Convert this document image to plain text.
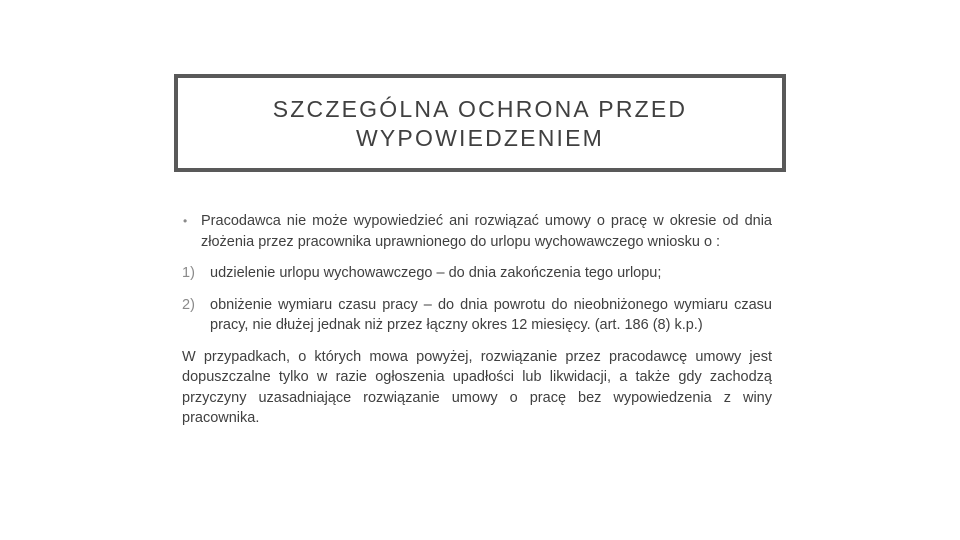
SZCZEGÓLNA OCHRONA PRZED
WYPOWIEDZENIEM

• Pracodawca nie może wypowiedzieć ani rozwiązać umowy o pracę w okresie od dnia złożenia przez pracownika uprawnionego do urlopu wychowawczego wniosku o :

1) udzielenie urlopu wychowawczego – do dnia zakończenia tego urlopu;

2) obniżenie wymiaru czasu pracy – do dnia powrotu do nieobniżonego wymiaru czasu pracy, nie dłużej jednak niż przez łączny okres 12 miesięcy. (art. 186 (8) k.p.)

W przypadkach, o których mowa powyżej, rozwiązanie przez pracodawcę umowy jest dopuszczalne tylko w razie ogłoszenia upadłości lub likwidacji, a także gdy zachodzą przyczyny uzasadniające rozwiązanie umowy o pracę bez wypowiedzenia z winy pracownika.
